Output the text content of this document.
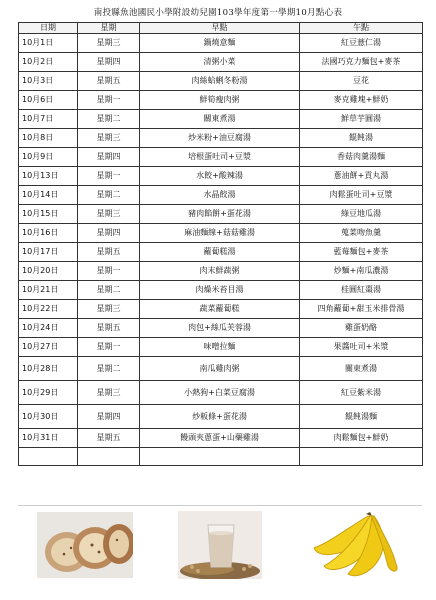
南投縣魚池國民小學附設幼兒園103學年度第一學期10月點心表
日期	星期	早點	午點
10月1日	星期三	鍋燒意麵	紅豆薏仁湯
10月2日	星期四	清粥小菜	法國巧克力麵包+麥茶
10月3日	星期五	肉絲蛤蜊冬粉湯	豆花
10月6日	星期一	鮮筍瘦肉粥	麥克雞塊+鮮奶
10月7日	星期二	關東煮湯	鮮草芋圓湯
10月8日	星期三	炒米粉+油豆腐湯	餛飩湯
10月9日	星期四	培根蛋吐司+豆漿	香菇肉羹湯麵
10月13日	星期一	水餃+酸辣湯	蔥油餅+貢丸湯
10月14日	星期二	水晶餃湯	肉鬆蛋吐司+豆漿
10月15日	星期三	豬肉餡餅+蛋花湯	綠豆地瓜湯
10月16日	星期四	麻油麵線+菇菇雞湯	蒐菜吻魚羹
10月17日	星期五	蘿蔔糕湯	藍莓麵包+麥茶
10月20日	星期一	肉末鮮蔬粥	炒麵+南瓜濃湯
10月21日	星期二	肉燥米苔目湯	桂圓紅棗湯
10月22日	星期三	蔬菜蘿蔔糕	四角蘿蔔+甜玉米排骨湯
10月24日	星期五	肉包+絲瓜芙蓉湯	雞蛋奶酪
10月27日	星期一	味噌拉麵	果醬吐司+米漿
10月28日	星期二	南瓜雞肉粥	關東煮湯
10月29日	星期三	小熱狗+白菜豆腐湯	紅豆紫米湯
10月30日	星期四	炒粄條+蛋花湯	餛飩湯麵
10月31日	星期五	饅頭夾蔥蛋+山藥雞湯	肉鬆麵包+鮮奶
